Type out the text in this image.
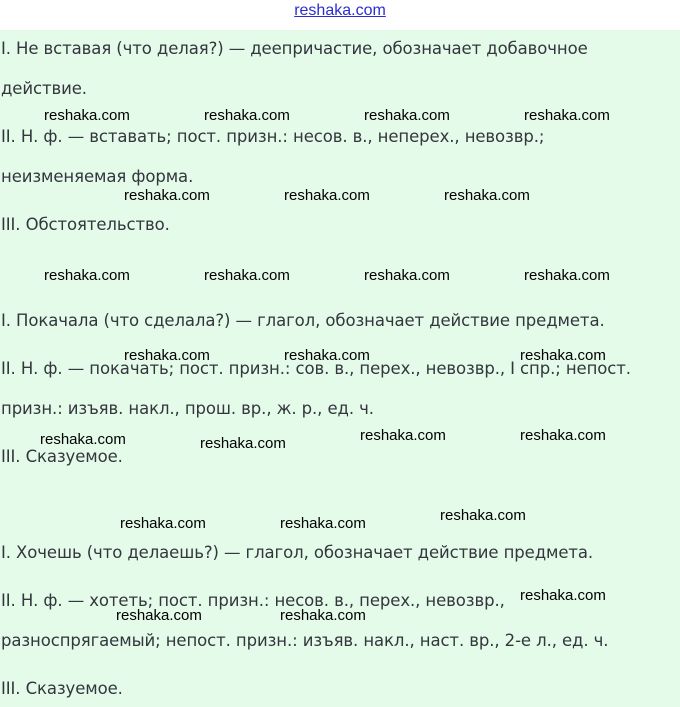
reshaka.com
I. Не вставая (что делая?) — деепричастие, обозначает добавочное
действие.
II. Н. ф. — вставать; пост. призн.: несов. в., неперех., невозвр.;
неизменяемая форма.
III. Обстоятельство.
I. Покачала (что сделала?) — глагол, обозначает действие предмета.
II. Н. ф. — покачать; пост. призн.: сов. в., перех., невозвр., I спр.; непост.
призн.: изъяв. накл., прош. вр., ж. р., ед. ч.
III. Сказуемое.
I. Хочешь (что делаешь?) — глагол, обозначает действие предмета.
II. Н. ф. — хотеть; пост. призн.: несов. в., перех., невозвр.,
разноспрягаемый; непост. призн.: изъяв. накл., наст. вр., 2-е л., ед. ч.
III. Сказуемое.
reshaka.com	reshaka.com	reshaka.com	reshaka.com
reshaka.com	reshaka.com	reshaka.com
reshaka.com	reshaka.com	reshaka.com	reshaka.com
reshaka.com	reshaka.com	reshaka.com
reshaka.com	reshaka.com	reshaka.com	reshaka.com
reshaka.com	reshaka.com	reshaka.com
reshaka.com
reshaka.com	reshaka.com
